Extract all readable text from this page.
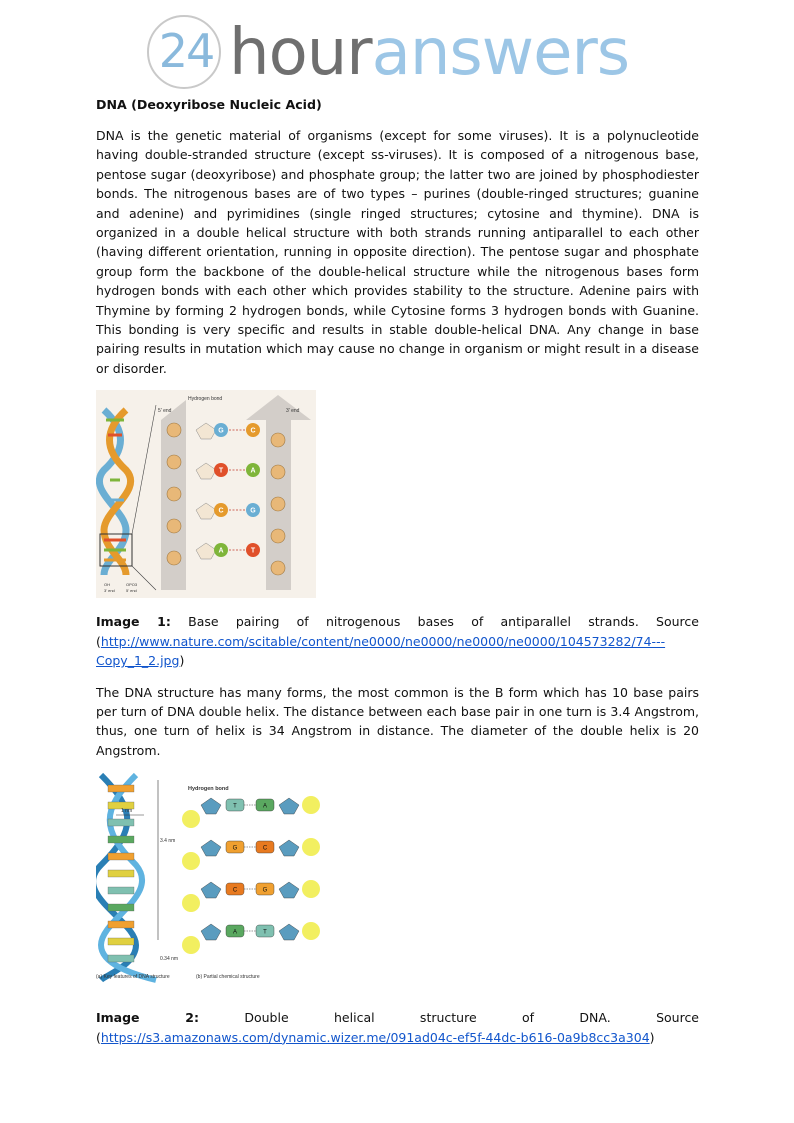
24 houranswers
DNA (Deoxyribose Nucleic Acid)

DNA is the genetic material of organisms (except for some viruses). It is a polynucleotide having double-stranded structure (except ss-viruses). It is composed of a nitrogenous base, pentose sugar (deoxyribose) and phosphate group; the latter two are joined by phosphodiester bonds. The nitrogenous bases are of two types – purines (double-ringed structures; guanine and adenine) and pyrimidines (single ringed structures; cytosine and thymine). DNA is organized in a double helical structure with both strands running antiparallel to each other (having different orientation, running in opposite direction). The pentose sugar and phosphate group form the backbone of the double-helical structure while the nitrogenous bases form hydrogen bonds with each other which provides stability to the structure. Adenine pairs with Thymine by forming 2 hydrogen bonds, while Cytosine forms 3 hydrogen bonds with Guanine. This bonding is very specific and results in stable double-helical DNA. Any change in base pairing results in mutation which may cause no change in organism or might result in a disease or disorder.

Hydrogen bond
5' end	3' end
OH
3' end
OPO3
5' end
G	C
T	A
C	G
A	T
Image 1: Base pairing of nitrogenous bases of antiparallel strands. Source
(http://www.nature.com/scitable/content/ne0000/ne0000/ne0000/ne0000/104573282/74---Copy_1_2.jpg)

The DNA structure has many forms, the most common is the B form which has 10 base pairs per turn of DNA double helix. The distance between each base pair in one turn is 3.4 Angstrom, thus, one turn of helix is 34 Angstrom in distance. The diameter of the double helix is 20 Angstrom.

1 nm
3.4 nm
0.34 nm
Hydrogen bond
T	A
G	C
C	G
A	T
(a) Key features of DNA structure	(b) Partial chemical structure
Image 2:	Double helical structure of DNA. Source
(https://s3.amazonaws.com/dynamic.wizer.me/091ad04c-ef5f-44dc-b616-0a9b8cc3a304)
